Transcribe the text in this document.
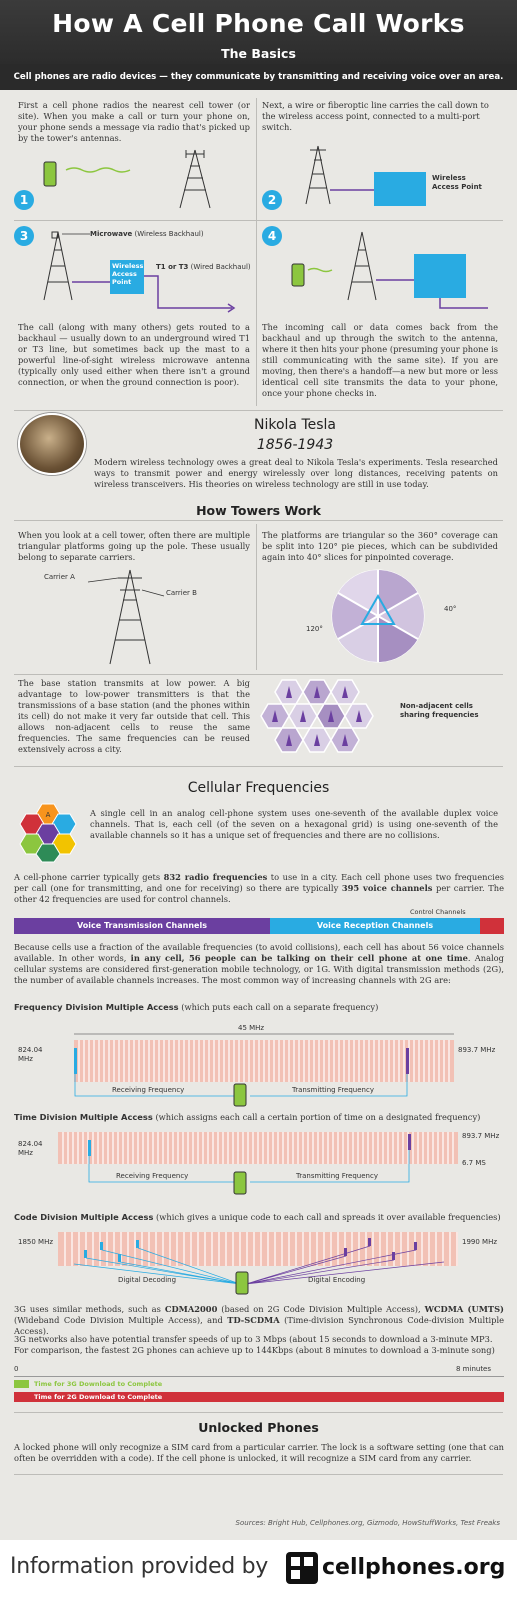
How A Cell Phone Call Works
The Basics
Cell phones are radio devices — they communicate by transmitting and receiving voice over an area.
First a cell phone radios the nearest cell tower (or site). When you make a call or turn your phone on, your phone sends a message via radio that's picked up by the tower's antennas.
Next, a wire or fiberoptic line carries the call down to the wireless access point, connected to a multi-port switch.
1	2
Wireless Access Point
3	Microwave (Wireless Backhaul)
Wireless Access Point
T1 or T3 (Wired Backhaul)
4
The call (along with many others) gets routed to a backhaul — usually down to an underground wired T1 or T3 line, but sometimes back up the mast to a powerful line-of-sight wireless microwave antenna (typically only used either when there isn't a ground connection, or when the ground connection is poor).
The incoming call or data comes back from the backhaul and up through the switch to the antenna, where it then hits your phone (presuming your phone is still communicating with the same site). If you are moving, then there's a handoff—a new but more or less identical cell site transmits the data to your phone, once your phone checks in.
Nikola Tesla
1856-1943
Modern wireless technology owes a great deal to Nikola Tesla's experiments. Tesla researched ways to transmit power and energy wirelessly over long distances, receiving patents on wireless transceivers. His theories on wireless technology are still in use today.
How Towers Work
When you look at a cell tower, often there are multiple triangular platforms going up the pole. These usually belong to separate carriers.
The platforms are triangular so the 360° coverage can be split into 120° pie pieces, which can be subdivided again into 40° slices for pinpointed coverage.
Carrier A
Carrier B
120°
40°
The base station transmits at low power. A big advantage to low-power transmitters is that the transmissions of a base station (and the phones within its cell) do not make it very far outside that cell. This allows non-adjacent cells to reuse the same frequencies. The same frequencies can be reused extensively across a city.
Non-adjacent cells sharing frequencies
Cellular Frequencies
A	A single cell in an analog cell-phone system uses one-seventh of the available duplex voice channels. That is, each cell (of the seven on a hexagonal grid) is using one-seventh of the available channels so it has a unique set of frequencies and there are no collisions.
A cell-phone carrier typically gets 832 radio frequencies to use in a city. Each cell phone uses two frequencies per call (one for transmitting, and one for receiving) so there are typically 395 voice channels per carrier. The other 42 frequencies are used for control channels.
Control Channels
Voice Transmission Channels	Voice Reception Channels
Because cells use a fraction of the available frequencies (to avoid collisions), each cell has about 56 voice channels available. In other words, in any cell, 56 people can be talking on their cell phone at one time. Analog cellular systems are considered first-generation mobile technology, or 1G. With digital transmission methods (2G), the number of available channels increases. The most common way of increasing channels with 2G are:
Frequency Division Multiple Access (which puts each call on a separate frequency)
45 MHz
Receiving Frequency	Transmitting Frequency
824.04 MHz
893.7 MHz
Time Division Multiple Access (which assigns each call a certain portion of time on a designated frequency)
Receiving Frequency	Transmitting Frequency
824.04 MHz
893.7 MHz
6.7 MS
Code Division Multiple Access (which gives a unique code to each call and spreads it over available frequencies)
Digital Decoding	Digital Encoding
1850 MHz	1990 MHz
3G uses similar methods, such as CDMA2000 (based on 2G Code Division Multiple Access), WCDMA (UMTS) (Wideband Code Division Multiple Access), and TD-SCDMA (Time-division Synchronous Code-division Multiple Access).
3G networks also have potential transfer speeds of up to 3 Mbps (about 15 seconds to download a 3-minute MP3. For comparison, the fastest 2G phones can achieve up to 144Kbps (about 8 minutes to download a 3-minute song)
0	8 minutes
Time for 3G Download to Complete
Time for 2G Download to Complete
Unlocked Phones
A locked phone will only recognize a SIM card from a particular carrier. The lock is a software setting (one that can often be overridden with a code). If the cell phone is unlocked, it will recognize a SIM card from any carrier.
Sources: Bright Hub, Cellphones.org, Gizmodo, HowStuffWorks, Test Freaks
Information provided by cellphones.org
